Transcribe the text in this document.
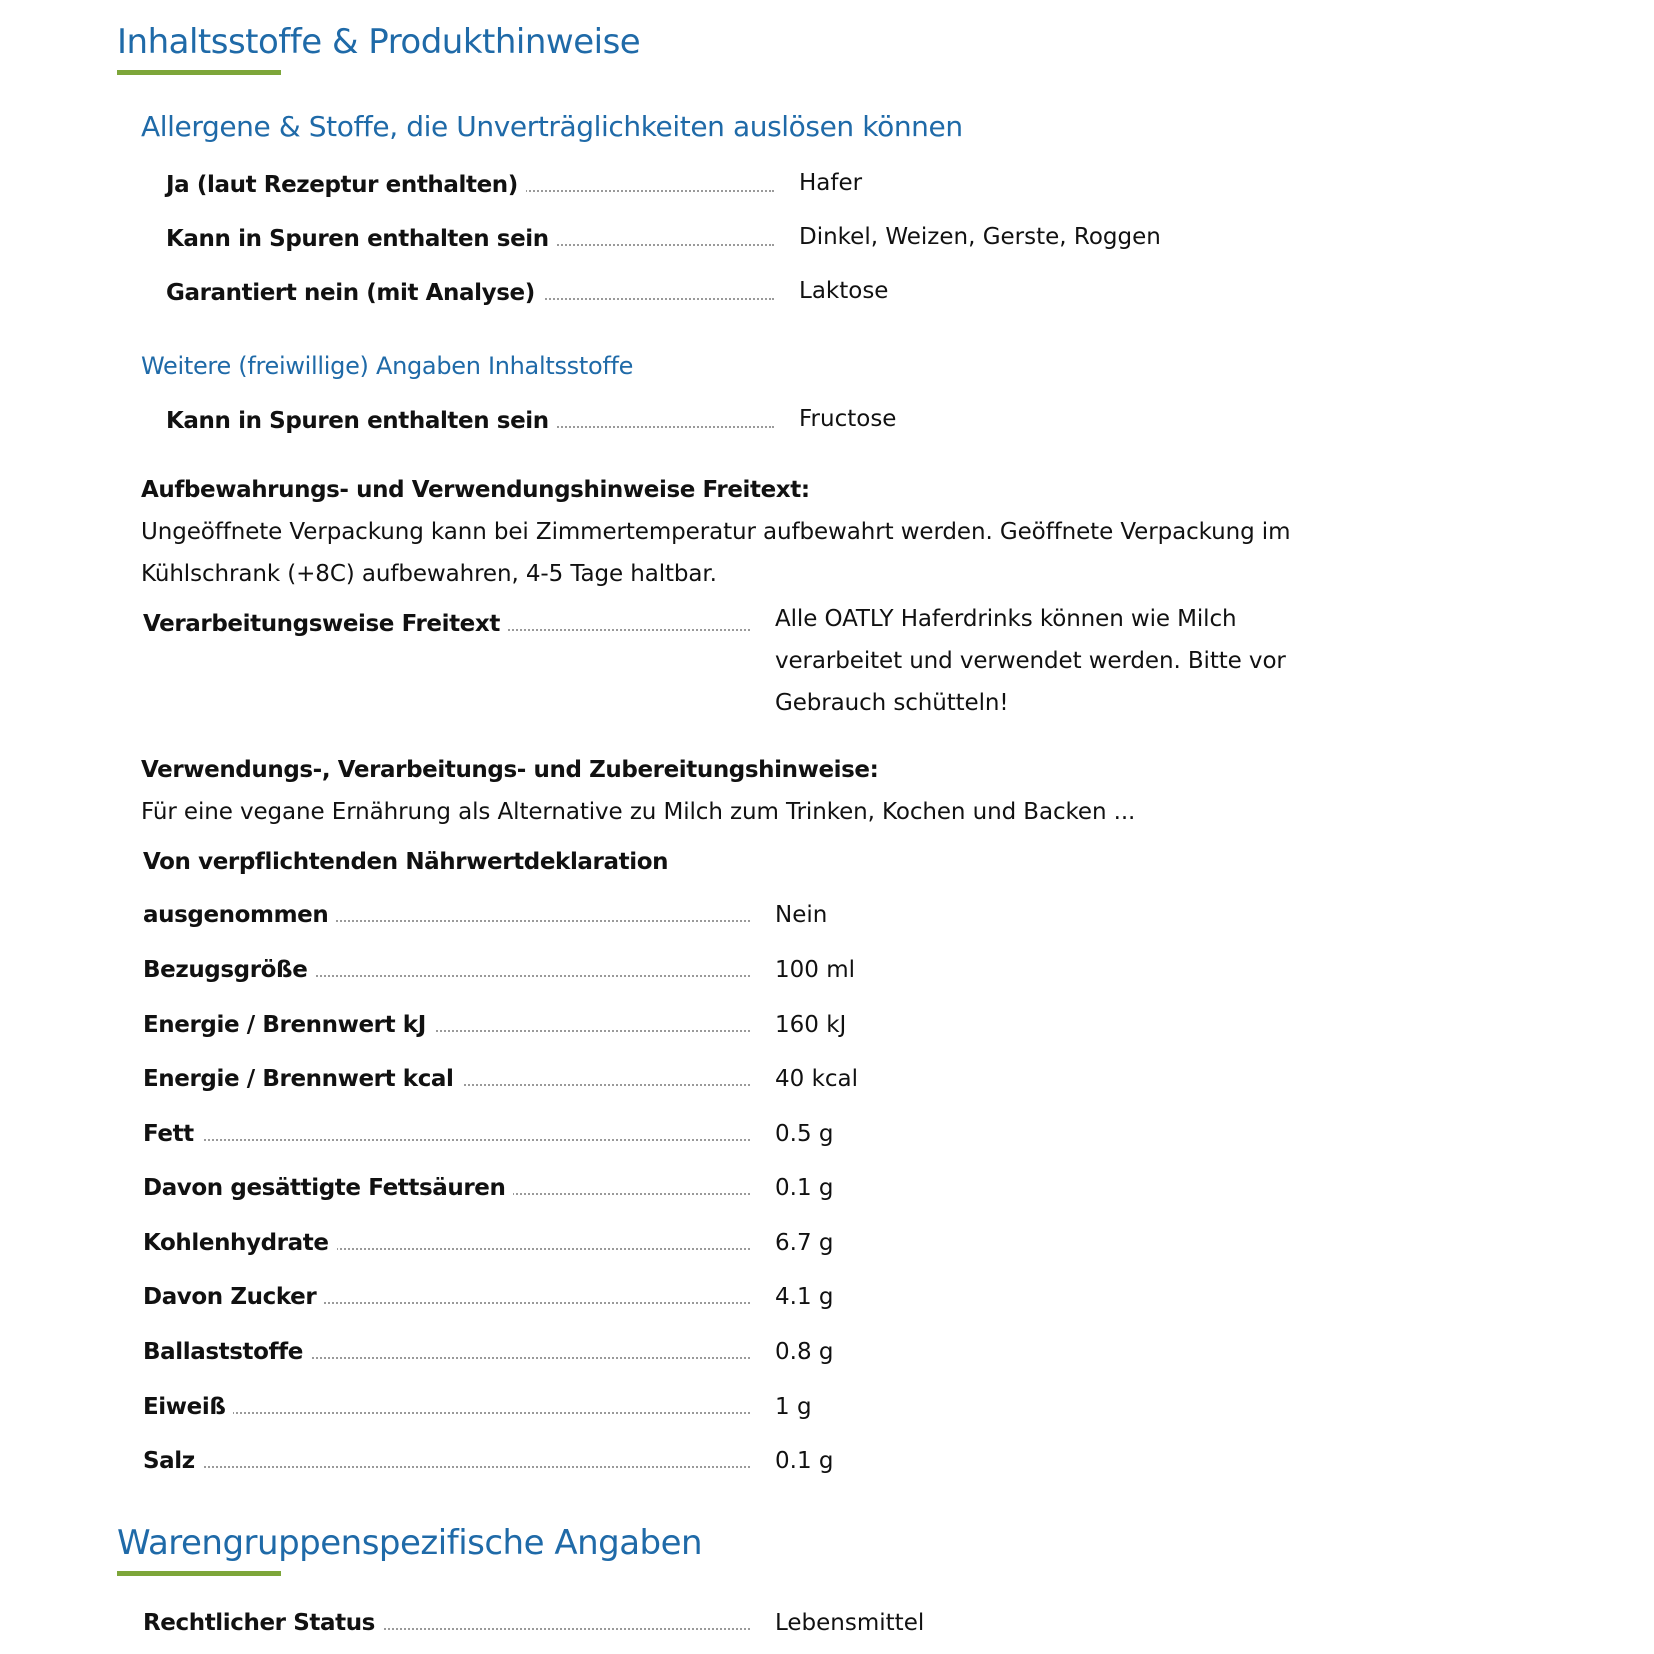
Inhaltsstoffe & Produkthinweise
Allergene & Stoffe, die Unverträglichkeiten auslösen können
Ja (laut Rezeptur enthalten)	Hafer
Kann in Spuren enthalten sein	Dinkel, Weizen, Gerste, Roggen
Garantiert nein (mit Analyse)	Laktose
Weitere (freiwillige) Angaben Inhaltsstoffe
Kann in Spuren enthalten sein	Fructose
Aufbewahrungs- und Verwendungshinweise Freitext:
Ungeöffnete Verpackung kann bei Zimmertemperatur aufbewahrt werden. Geöffnete Verpackung im
Kühlschrank (+8C) aufbewahren, 4-5 Tage haltbar.
Verarbeitungsweise Freitext	Alle OATLY Haferdrinks können wie Milch
verarbeitet und verwendet werden. Bitte vor
Gebrauch schütteln!
Verwendungs-, Verarbeitungs- und Zubereitungshinweise:
Für eine vegane Ernährung als Alternative zu Milch zum Trinken, Kochen und Backen ...
Von verpflichtenden Nährwertdeklaration
ausgenommen	Nein
Bezugsgröße	100 ml
Energie / Brennwert kJ	160 kJ
Energie / Brennwert kcal	40 kcal
Fett	0.5 g
Davon gesättigte Fettsäuren	0.1 g
Kohlenhydrate	6.7 g
Davon Zucker	4.1 g
Ballaststoffe	0.8 g
Eiweiß	1 g
Salz	0.1 g
Warengruppenspezifische Angaben
Rechtlicher Status	Lebensmittel
